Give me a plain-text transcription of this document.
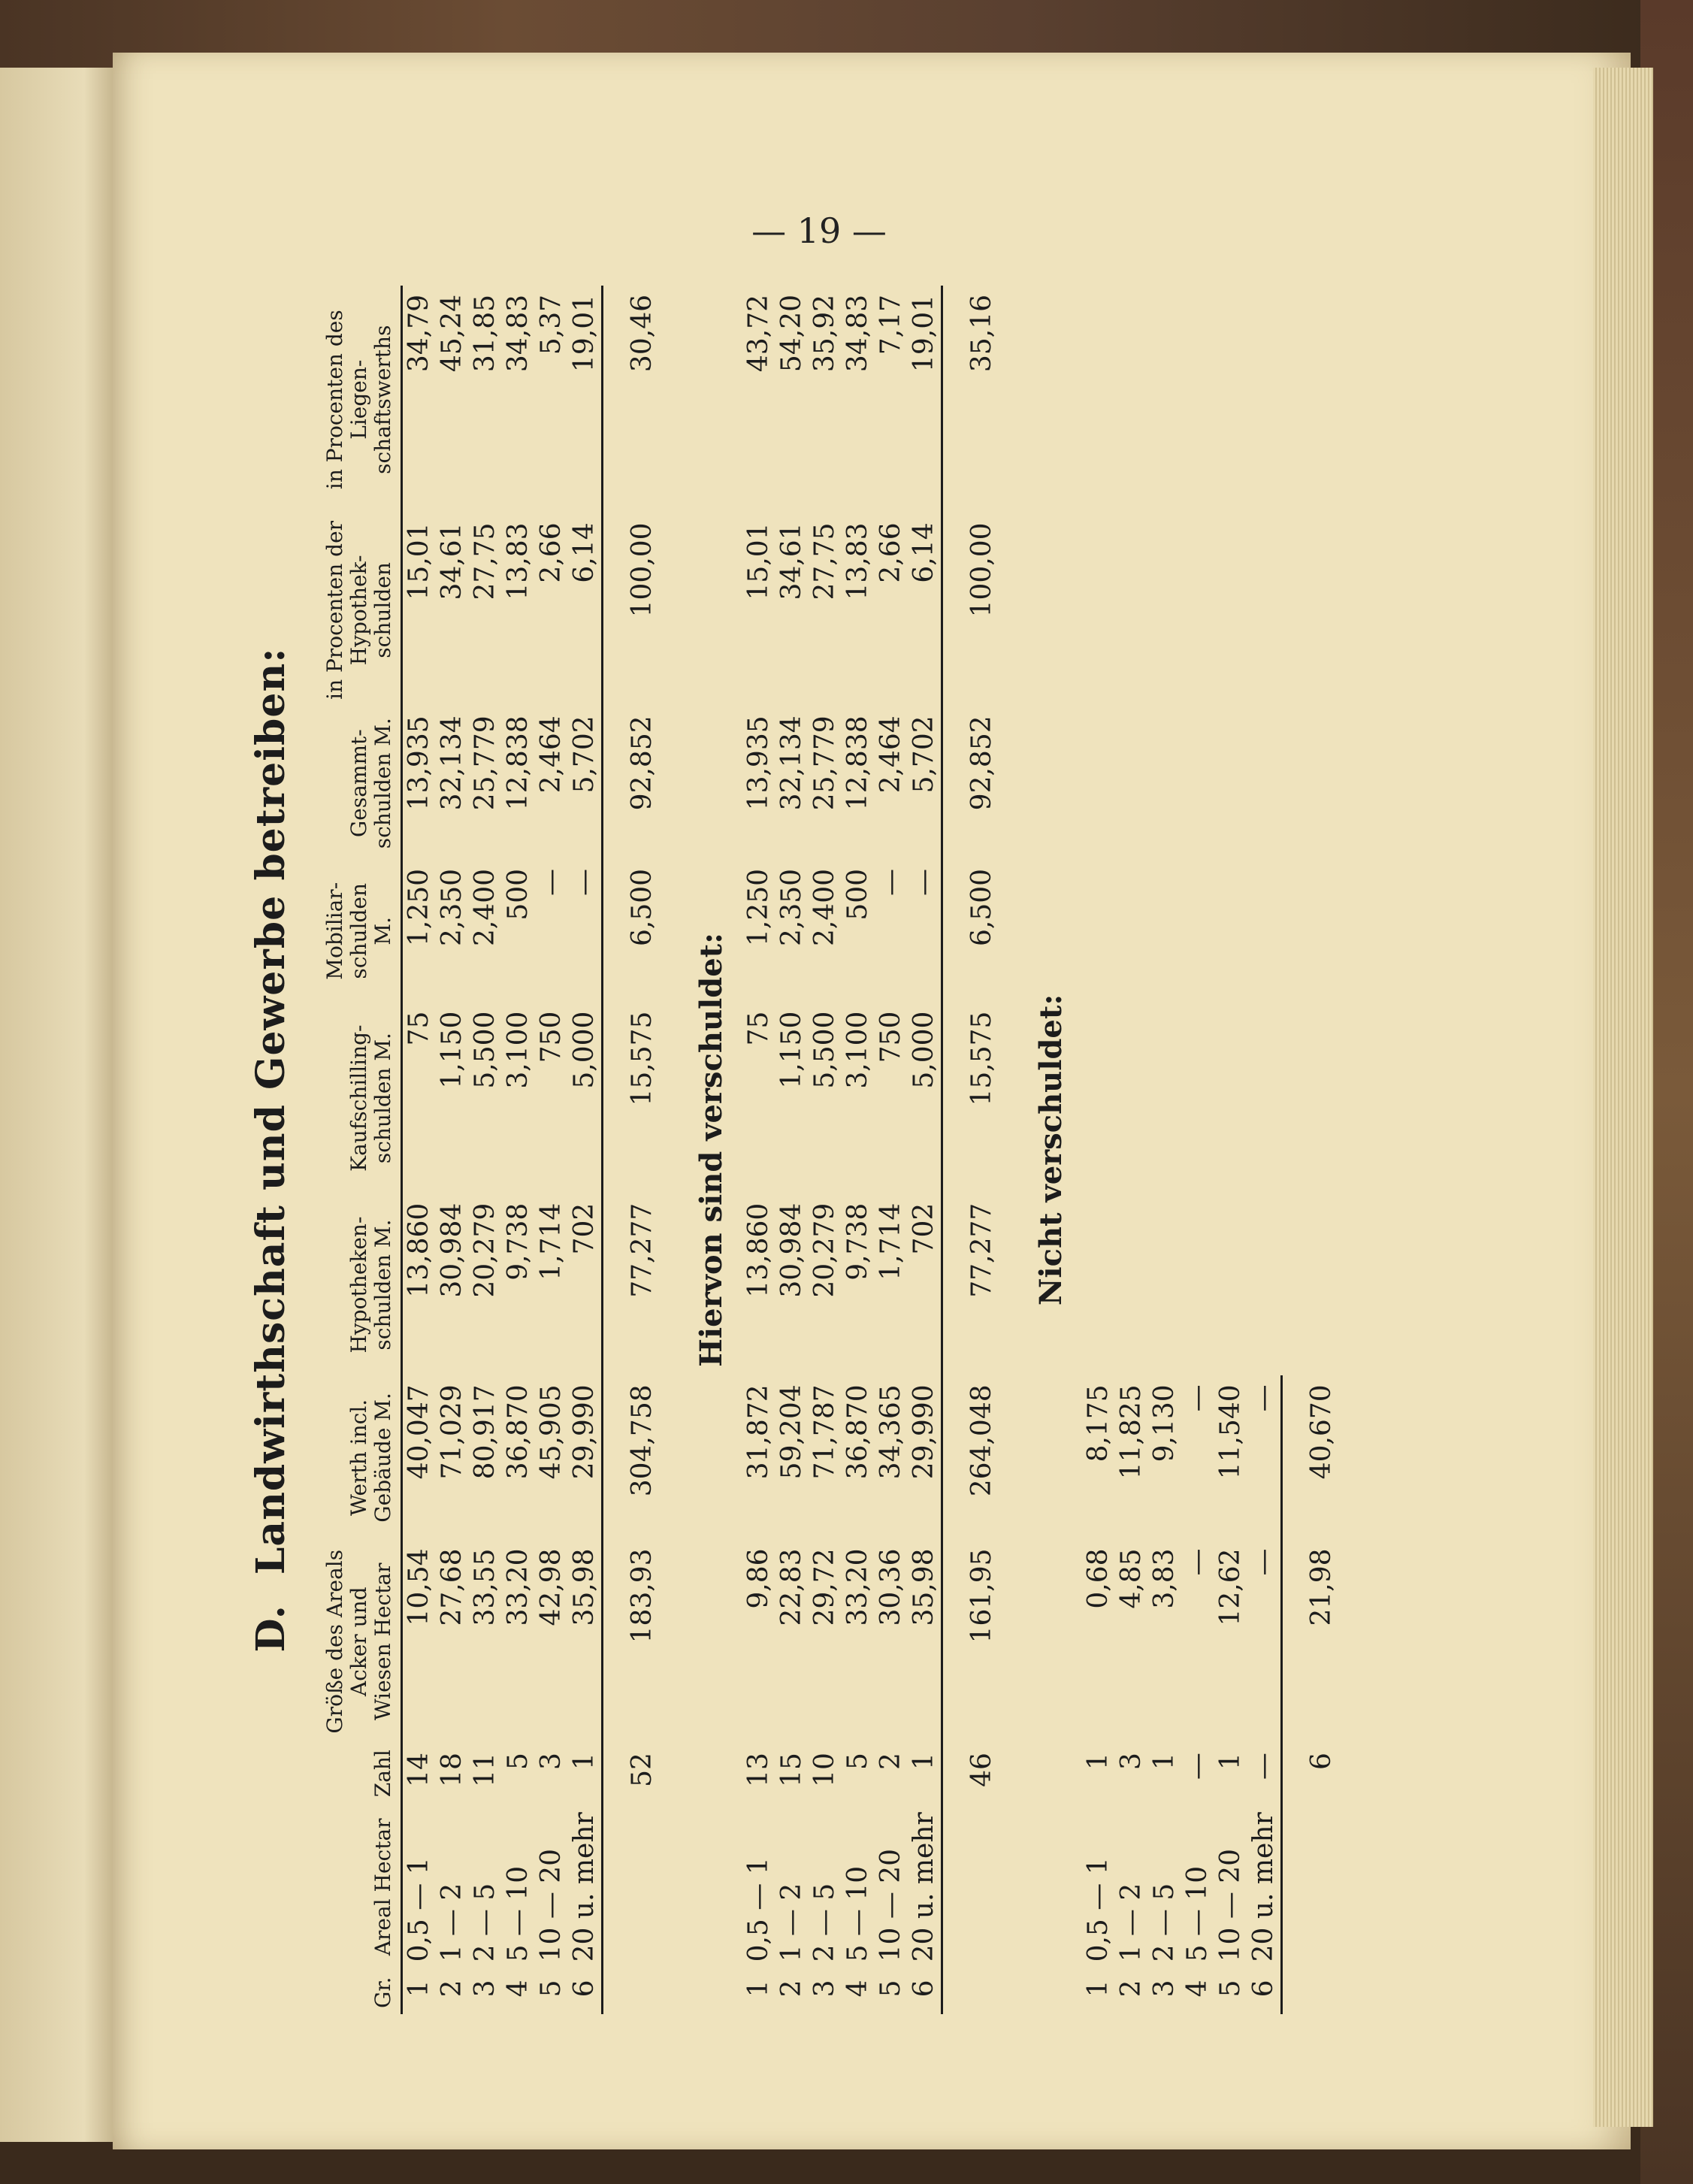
— 19 —
D.
Landwirthschaft und Gewerbe betreiben:
Gr.	Areal Hectar	Zahl	Größe des Areals Acker und Wiesen Hectar	Werth incl. Gebäude M.	Hypotheken-schulden M.	Kaufschilling-schulden M.	Mobiliar-schulden M.	Gesammt-schulden M.	in Procenten der Hypothek-schulden	in Procenten des Liegen-schaftswerths
1	0,5 — 1	14	10,54	40,047	13,860	75	1,250	13,935	15,01	34,79
2	1 — 2	18	27,68	71,029	30,984	1,150	2,350	32,134	34,61	45,24
3	2 — 5	11	33,55	80,917	20,279	5,500	2,400	25,779	27,75	31,85
4	5 — 10	5	33,20	36,870	9,738	3,100	500	12,838	13,83	34,83
5	10 — 20	3	42,98	45,905	1,714	750	—	2,464	2,66	5,37
6	20 u. mehr	1	35,98	29,990	702	5,000	—	5,702	6,14	19,01
		52	183,93	304,758	77,277	15,575	6,500	92,852	100,00	30,46
Hiervon sind verschuldet:										
1	0,5 — 1	13	9,86	31,872	13,860	75	1,250	13,935	15,01	43,72
2	1 — 2	15	22,83	59,204	30,984	1,150	2,350	32,134	34,61	54,20
3	2 — 5	10	29,72	71,787	20,279	5,500	2,400	25,779	27,75	35,92
4	5 — 10	5	33,20	36,870	9,738	3,100	500	12,838	13,83	34,83
5	10 — 20	2	30,36	34,365	1,714	750	—	2,464	2,66	7,17
6	20 u. mehr	1	35,98	29,990	702	5,000	—	5,702	6,14	19,01
		46	161,95	264,048	77,277	15,575	6,500	92,852	100,00	35,16
Nicht verschuldet:										
1	0,5 — 1	1	0,68	8,175						
2	1 — 2	3	4,85	11,825						
3	2 — 5	1	3,83	9,130						
4	5 — 10	—	—	—						
5	10 — 20	1	12,62	11,540						
6	20 u. mehr	—	—	—						
		6	21,98	40,670						
